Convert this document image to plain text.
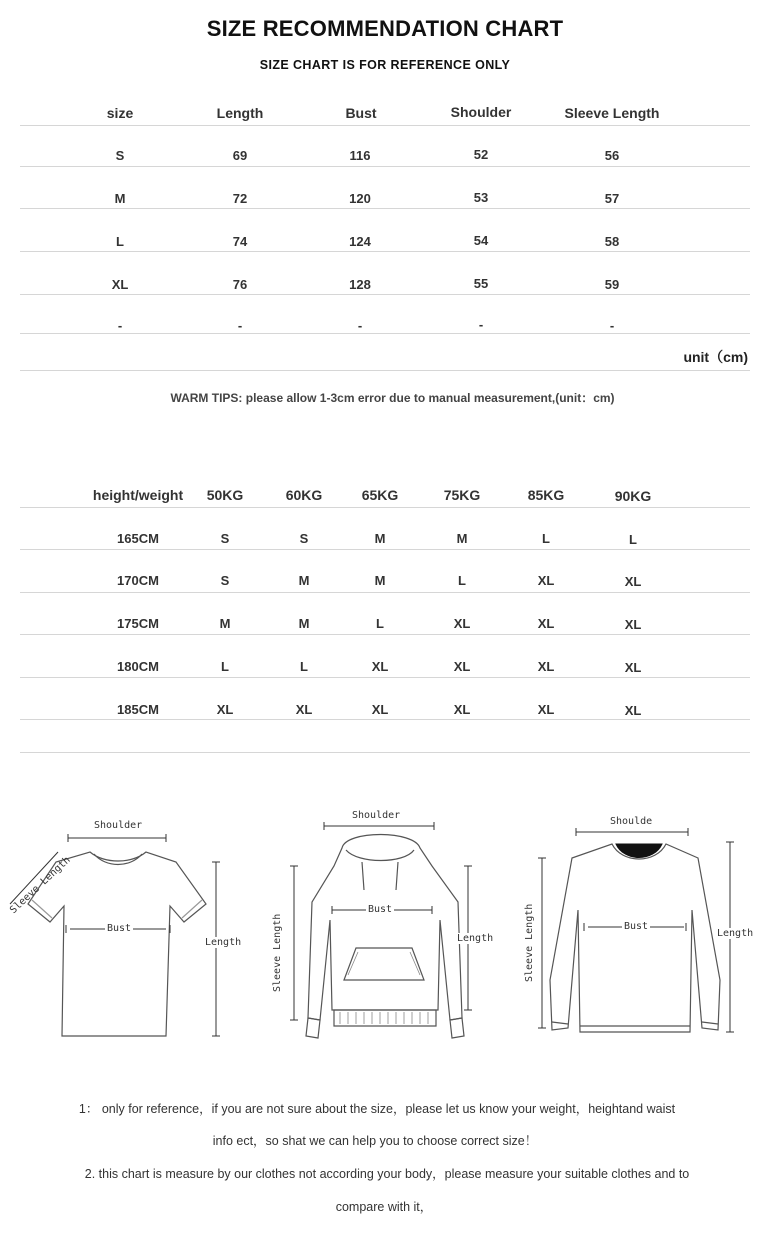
SIZE RECOMMENDATION CHART
SIZE CHART IS FOR REFERENCE ONLY
size	Length	Bust	Shoulder	Sleeve Length
S	69	116	52	56
M	72	120	53	57
L	74	124	54	58
XL	76	128	55	59
-	-	-	-	-
unit（cm)
WARM TIPS: please allow 1-3cm error due to manual measurement,(unit：cm)
height/weight 50KG	60KG	65KG	75KG	85KG	90KG
165CM	S	S	M	M	L	L
170CM	S	M	M	L	XL	XL
175CM	M	M	L	XL	XL	XL
180CM	L	L	XL	XL	XL	XL
185CM	XL	XL	XL	XL	XL	XL
Shoulder
Sleeve Length
Bust
Length
Shoulder
Bust
Sleeve Length	Length
Shoulde
Bust
Sleeve Length	Length
1： only for reference，if you are not sure about the size，please let us know your weight，heightand waist
info ect，so shat we can help you to choose correct size！
2. this chart is measure by our clothes not according your body，please measure your suitable clothes and to
compare with it，
